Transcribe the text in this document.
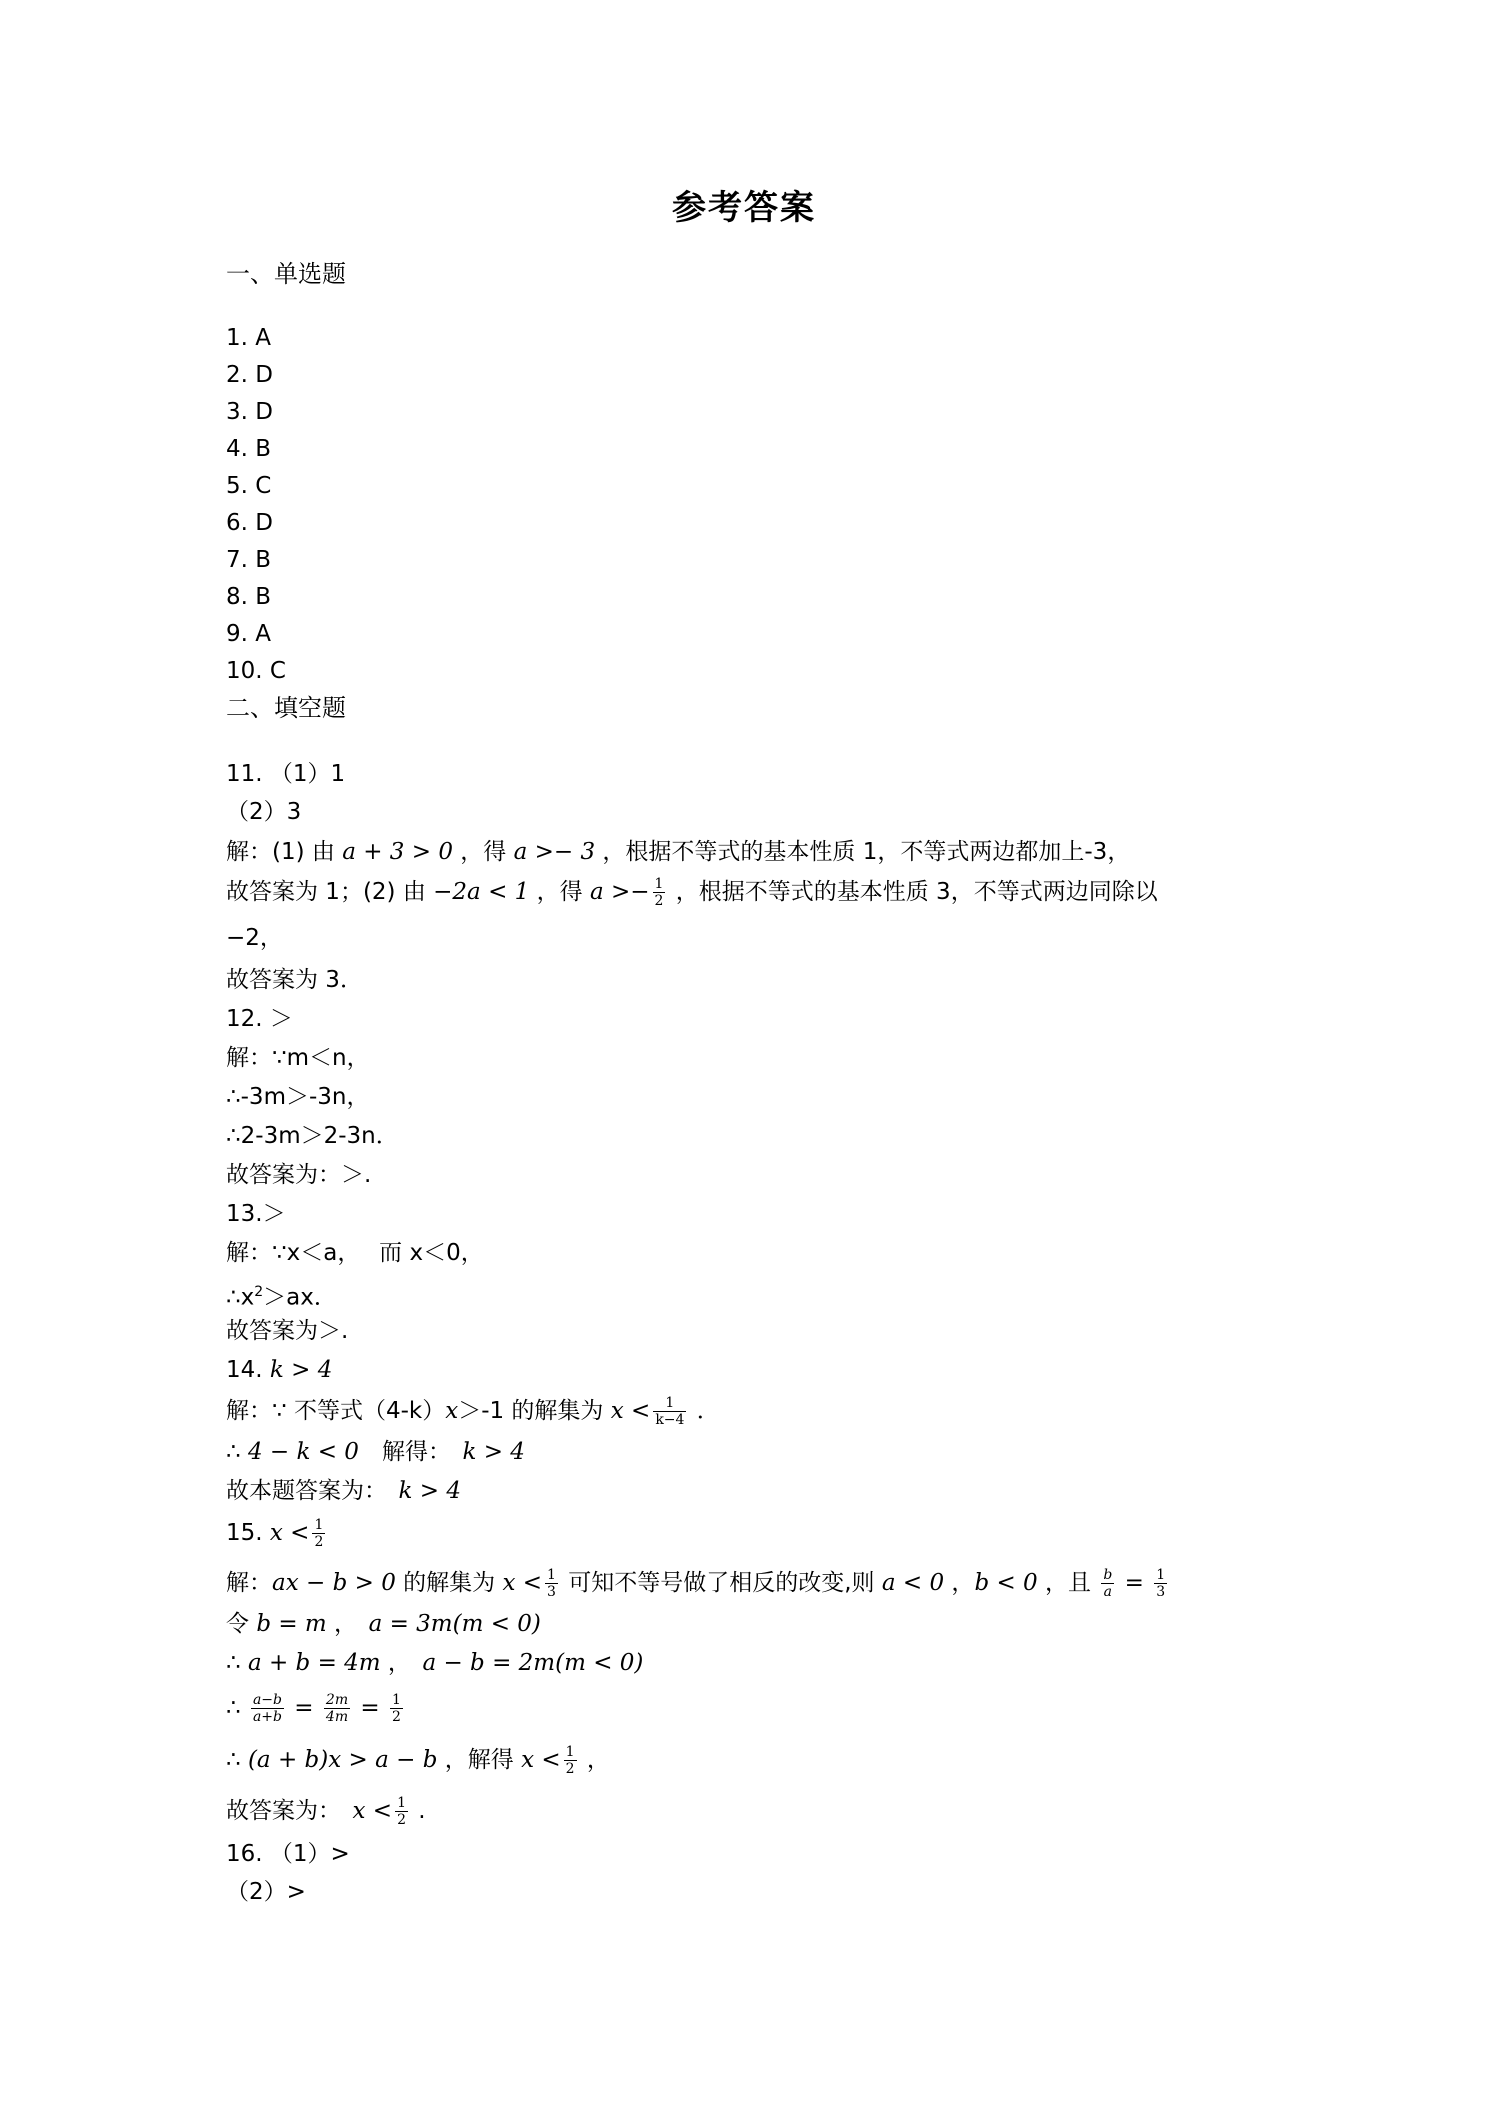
参考答案
一、单选题
1. A
2. D
3. D
4. B
5. C
6. D
7. B
8. B
9. A
10. C
二、填空题
11. （1）1
（2）3
解：(1) 由 a + 3 > 0 ，得 a >− 3 ，根据不等式的基本性质 1，不等式两边都加上-3，
故答案为 1；(2) 由 −2a < 1 ，得 $a >- \frac{1}{2}$ ，根据不等式的基本性质 3，不等式两边同除以
−2，
故答案为 3．
12. ＞
解：∵m＜n，
∴-3m＞-3n，
∴2-3m＞2-3n．
故答案为：＞.
13.＞
解：∵x＜a，　 而 x＜0，
$\therefore x^2>ax$．
故答案为＞.
14. k > 4
解：∵ 不等式（4-k）x＞-1 的解集为 $x < \frac{1}{k-4}$ ．
∴ 4 − k < 0　解得：　k > 4
故本题答案为：　k > 4
15. $x < \frac{1}{2}$
解：ax − b > 0 的解集为 $x < \frac{1}{3}$ 可知不等号做了相反的改变,则 a < 0 ，b < 0 ，且 $\frac{b}{a} = \frac{1}{3}$
令 b = m ，　a = 3m(m < 0)
∴ a + b = 4m ，　a − b = 2m(m < 0)
∴ $\frac{a-b}{a+b} = \frac{2m}{4m} = \frac{1}{2}$
∴ (a + b)x > a − b ，解得 $x < \frac{1}{2}$ ，
故答案为：　$x < \frac{1}{2}$ .
16. （1）>
（2）>
